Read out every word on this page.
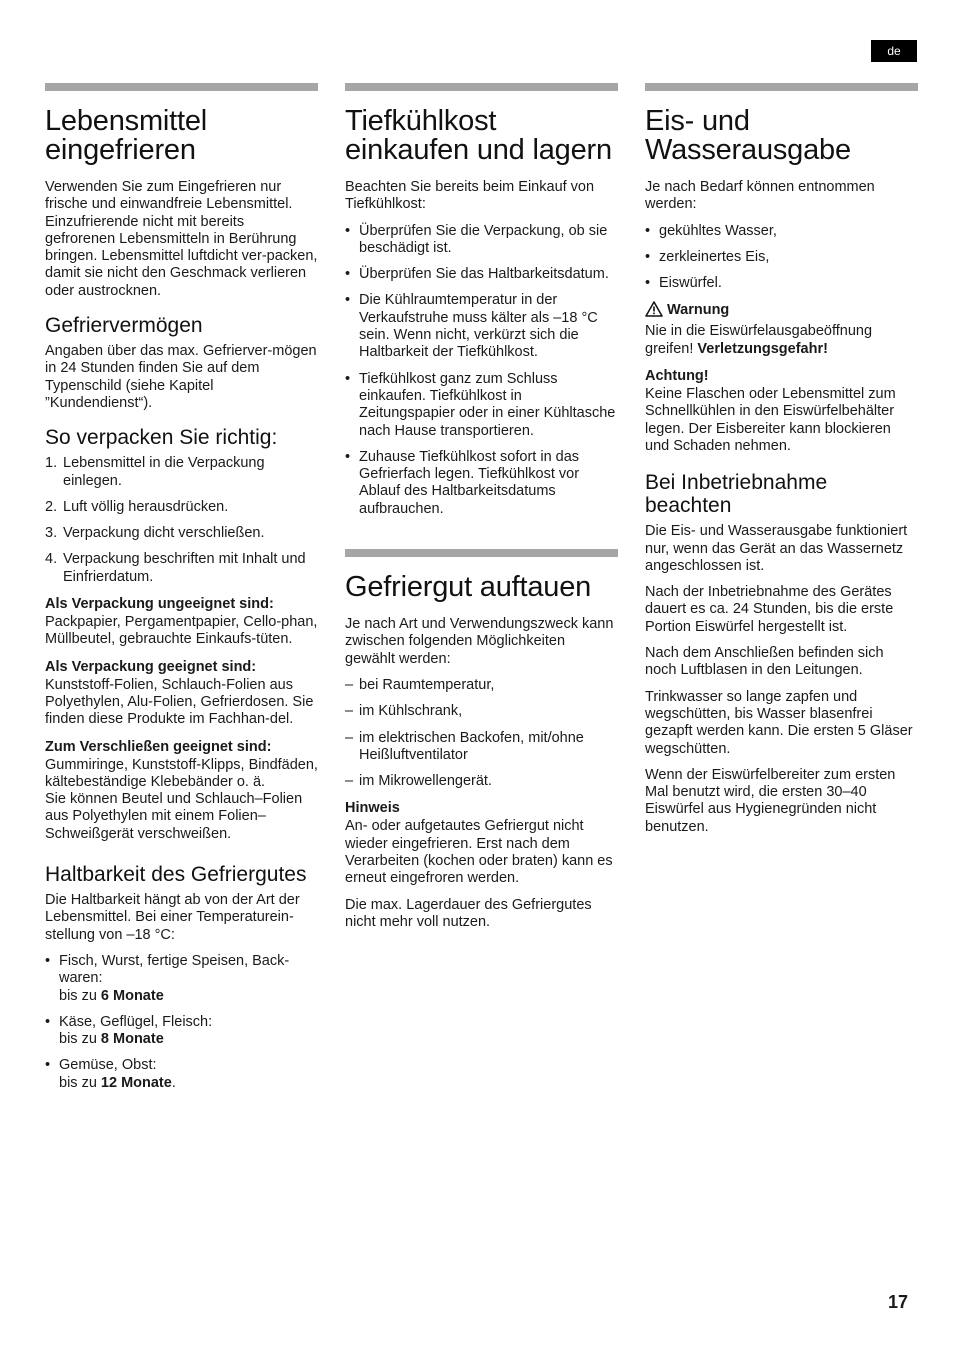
de
Lebensmittel eingefrieren

Verwenden Sie zum Eingefrieren nur frische und einwandfreie Lebensmittel. Einzufrierende nicht mit bereits gefrorenen Lebensmitteln in Berührung bringen. Lebensmittel luftdicht ver-packen, damit sie nicht den Geschmack verlieren oder austrocknen.

Gefriervermögen

Angaben über das max. Gefrierver-mögen in 24 Stunden finden Sie auf dem Typenschild (siehe Kapitel ”Kundendienst“).

So verpacken Sie richtig:
1. Lebensmittel in die Verpackung einlegen.
2. Luft völlig herausdrücken.
3. Verpackung dicht verschließen.
4. Verpackung beschriften mit Inhalt und Einfrierdatum.
Als Verpackung ungeeignet sind:

Packpapier, Pergamentpapier, Cello-phan, Müllbeutel, gebrauchte Einkaufs-tüten.

Als Verpackung geeignet sind:

Kunststoff-Folien, Schlauch-Folien aus Polyethylen, Alu-Folien, Gefrierdosen. Sie finden diese Produkte im Fachhan-del.

Zum Verschließen geeignet sind:

Gummiringe, Kunststoff-Klipps, Bindfäden, kältebeständige Klebebänder o. ä.

Sie können Beutel und Schlauch–Folien aus Polyethylen mit einem Folien–Schweißgerät verschweißen.

Haltbarkeit des Gefriergutes

Die Haltbarkeit hängt ab von der Art der Lebensmittel. Bei einer Temperaturein-stellung von –18 °C:

• Fisch, Wurst, fertige Speisen, Back-waren:
bis zu 6 Monate
• Käse, Geflügel, Fleisch:
bis zu 8 Monate
• Gemüse, Obst:
bis zu 12 Monate.
Tiefkühlkost einkaufen und lagern

Beachten Sie bereits beim Einkauf von Tiefkühlkost:

• Überprüfen Sie die Verpackung, ob sie beschädigt ist.
• Überprüfen Sie das Haltbarkeitsdatum.
• Die Kühlraumtemperatur in der Verkaufstruhe muss kälter als –18 °C sein. Wenn nicht, verkürzt sich die Haltbarkeit der Tiefkühlkost.
• Tiefkühlkost ganz zum Schluss einkaufen. Tiefkühlkost in Zeitungspapier oder in einer Kühltasche nach Hause transportieren.
• Zuhause Tiefkühlkost sofort in das Gefrierfach legen. Tiefkühlkost vor Ablauf des Haltbarkeitsdatums aufbrauchen.
Gefriergut auftauen

Je nach Art und Verwendungszweck kann zwischen folgenden Möglichkeiten gewählt werden:

– bei Raumtemperatur,
– im Kühlschrank,
– im elektrischen Backofen, mit/ohne Heißluftventilator
– im Mikrowellengerät.
Hinweis

An- oder aufgetautes Gefriergut nicht wieder eingefrieren. Erst nach dem Verarbeiten (kochen oder braten) kann es erneut eingefroren werden.

Die max. Lagerdauer des Gefriergutes nicht mehr voll nutzen.

Eis- und Wasserausgabe

Je nach Bedarf können entnommen werden:

• gekühltes Wasser,
• zerkleinertes Eis,
• Eiswürfel.
Warnung

Nie in die Eiswürfelausgabeöffnung greifen! Verletzungsgefahr!

Achtung!

Keine Flaschen oder Lebensmittel zum Schnellkühlen in den Eiswürfelbehälter legen. Der Eisbereiter kann blockieren und Schaden nehmen.

Bei Inbetriebnahme beachten

Die Eis- und Wasserausgabe funktioniert nur, wenn das Gerät an das Wassernetz angeschlossen ist.

Nach der Inbetriebnahme des Gerätes dauert es ca. 24 Stunden, bis die erste Portion Eiswürfel hergestellt ist.

Nach dem Anschließen befinden sich noch Luftblasen in den Leitungen.

Trinkwasser so lange zapfen und wegschütten, bis Wasser blasenfrei gezapft werden kann. Die ersten 5 Gläser wegschütten.

Wenn der Eiswürfelbereiter zum ersten Mal benutzt wird, die ersten 30–40 Eiswürfel aus Hygienegründen nicht benutzen.

17
